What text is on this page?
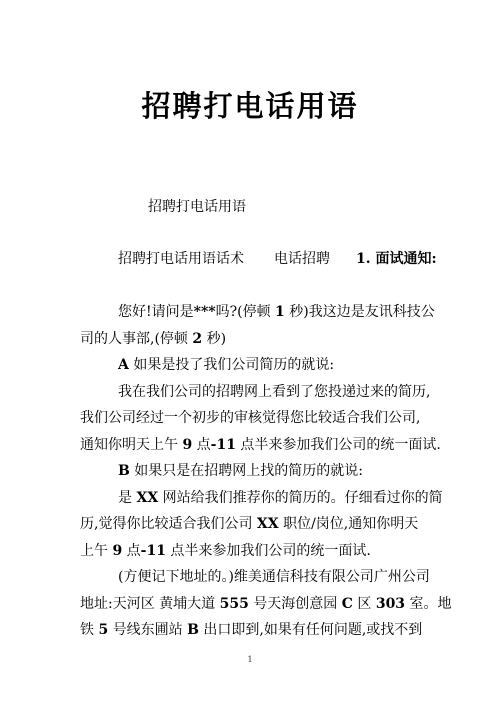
招聘打电话用语
招聘打电话用语
招聘打电话用语话术 电话招聘 1. 面试通知:
您好!请问是***吗?(停顿 1 秒)我这边是友讯科技公
司的人事部,(停顿 2 秒)
A 如果是投了我们公司简历的就说:
我在我们公司的招聘网上看到了您投递过来的简历,
我们公司经过一个初步的审核觉得您比较适合我们公司,
通知你明天上午 9 点-11 点半来参加我们公司的统一面试.
B 如果只是在招聘网上找的简历的就说:
是 XX 网站给我们推荐你的简历的。仔细看过你的简
历,觉得你比较适合我们公司 XX 职位/岗位,通知你明天
上午 9 点-11 点半来参加我们公司的统一面试.
(方便记下地址的。)维美通信科技有限公司广州公司
地址:天河区 黄埔大道 555 号天海创意园 C 区 303 室。地
铁 5 号线东圃站 B 出口即到,如果有任何问题,或找不到
1
